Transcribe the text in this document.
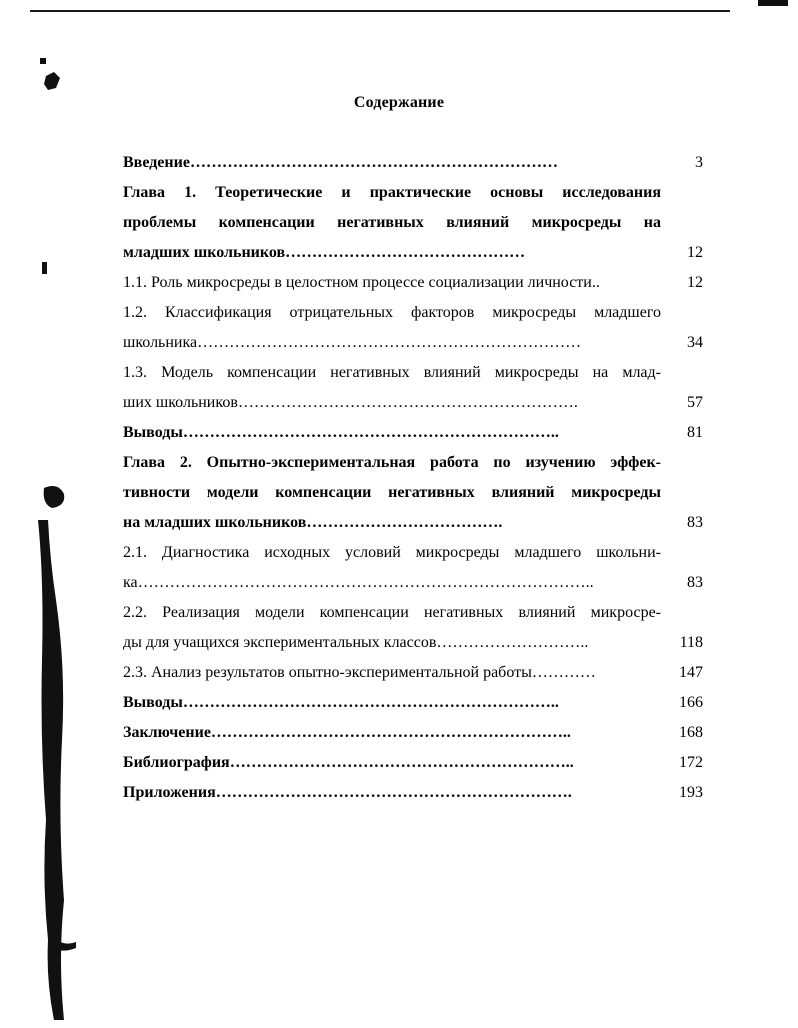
Содержание
Введение……………………………………………………………	3
Глава 1. Теоретические и практические основы исследования
проблемы компенсации негативных влияний микросреды на
младших школьников………………………………………	12
1.1. Роль микросреды в целостном процессе социализации личности..	12
1.2. Классификация отрицательных факторов микросреды младшего
школьника………………………………………………………………	34
1.3. Модель компенсации негативных влияний микросреды на млад-
ших школьников……………………………………………………….	57
Выводы……………………………………………………………..	81
Глава 2. Опытно-экспериментальная работа по изучению эффек-
тивности модели компенсации негативных влияний микросреды
на младших школьников……………………………….	83
2.1. Диагностика исходных условий микросреды младшего школьни-
ка…………………………………………………………………………..	83
2.2. Реализация модели компенсации негативных влияний микросре-
ды для учащихся экспериментальных классов………………………..	118
2.3. Анализ результатов опытно-экспериментальной работы…………	147
Выводы……………………………………………………………..	166
Заключение…………………………………………………………..	168
Библиография………………………………………………………..	172
Приложения………………………………………………………….	193
